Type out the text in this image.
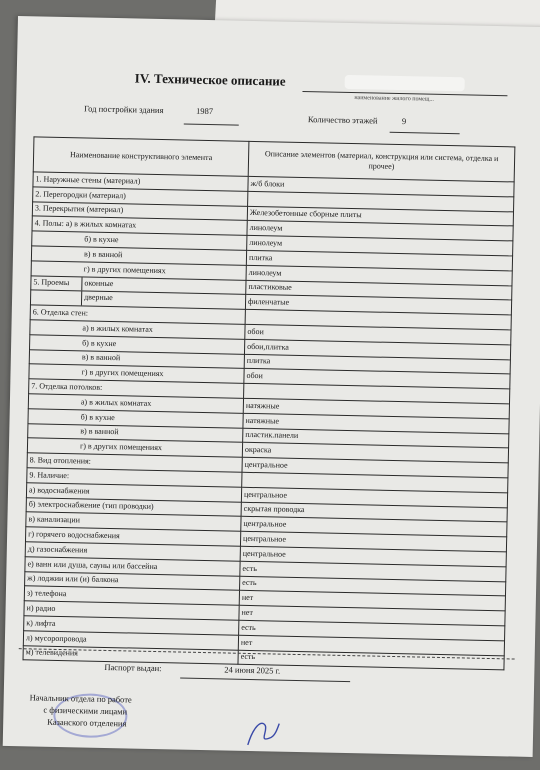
IV. Техническое описание
наименование жилого помещ...
Год постройки здания	1987
Количество этажей	9
Наименование конструктивного элемента	Описание элементов (материал, конструкция или система, отделка и прочее)
1. Наружные стены (материал)	ж/б блоки
2. Перегородки (материал)	
3. Перекрытия (материал)	Железобетонные сборные плиты
4. Полы: а) в жилых комнатах	линолеум
б) в кухне	линолеум
в) в ванной	плитка
г) в других помещениях	линолеум

5. Проемы оконные	пластиковые

дверные	филенчатые
6. Отделка стен:	
а) в жилых комнатах	обои
б) в кухне	обои,плитка
в) в ванной	плитка
г) в других помещениях	обои
7. Отделка потолков:	
а) в жилых комнатах	натяжные
б) в кухне	натяжные
в) в ванной	пластик.панели
г) в других помещениях	окраска
8. Вид отопления:	центральное
9. Наличие:	
а) водоснабжения	центральное
б) электроснабжение (тип проводки)	скрытая проводка
в) канализации	центральное
г) горячего водоснабжения	центральное
д) газоснабжения	центральное
е) ванн или душа, сауны или бассейна	есть
ж) лоджии или (и) балкона	есть
з) телефона	нет
и) радио	нет
к) лифта	есть
л) мусоропровода	нет
м) телевидения	есть
Паспорт выдан:	24 июня 2025 г.
Начальник отдела по работе
с физическими лицами
Казанского отделения
